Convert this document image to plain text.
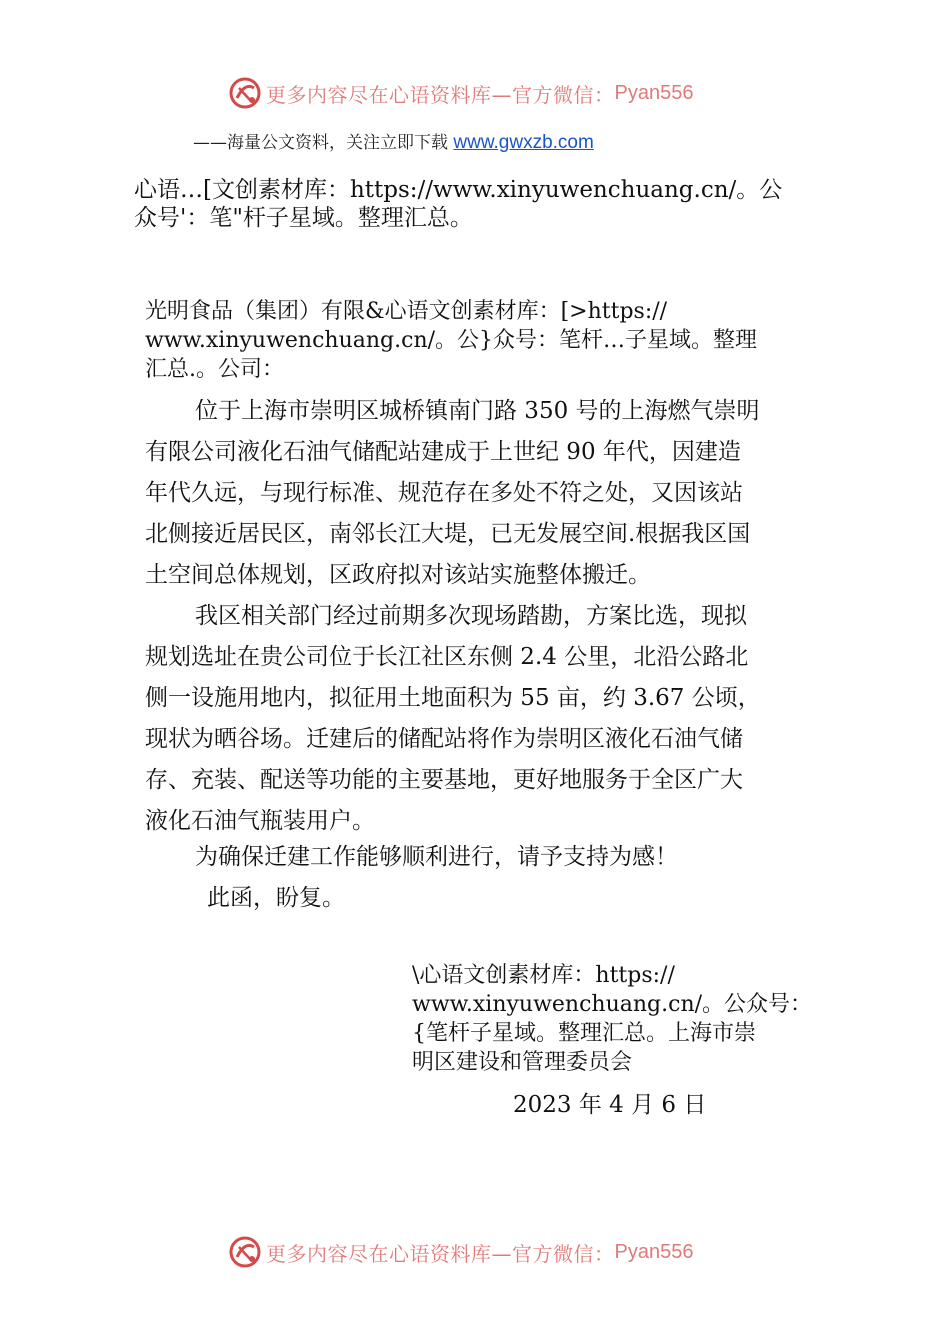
更多内容尽在心语资料库—官方微信： Pyan556
——海量公文资料，关注立即下载 www.gwxzb.com
心语…[文创素材库：https://www.xinyuwenchuang.cn/。公
众号'：笔"杆子星域。整理汇总。
光明食品（集团）有限&心语文创素材库：[>https://
www.xinyuwenchuang.cn/。公}众号：笔杆…子星域。整理
汇总.。公司：
位于上海市崇明区城桥镇南门路 350 号的上海燃气崇明
有限公司液化石油气储配站建成于上世纪 90 年代，因建造
年代久远，与现行标准、规范存在多处不符之处，又因该站
北侧接近居民区，南邻长江大堤，已无发展空间.根据我区国
土空间总体规划，区政府拟对该站实施整体搬迁。
我区相关部门经过前期多次现场踏勘，方案比选，现拟
规划选址在贵公司位于长江社区东侧 2.4 公里，北沿公路北
侧一设施用地内，拟征用土地面积为 55 亩，约 3.67 公顷，
现状为晒谷场。迁建后的储配站将作为崇明区液化石油气储
存、充装、配送等功能的主要基地，更好地服务于全区广大
液化石油气瓶装用户。
为确保迁建工作能够顺利进行，请予支持为感！
此函，盼复。
\心语文创素材库：https://
www.xinyuwenchuang.cn/。公众号：
{笔杆子星域。整理汇总。上海市崇
明区建设和管理委员会
2023 年 4 月 6 日
更多内容尽在心语资料库—官方微信： Pyan556
